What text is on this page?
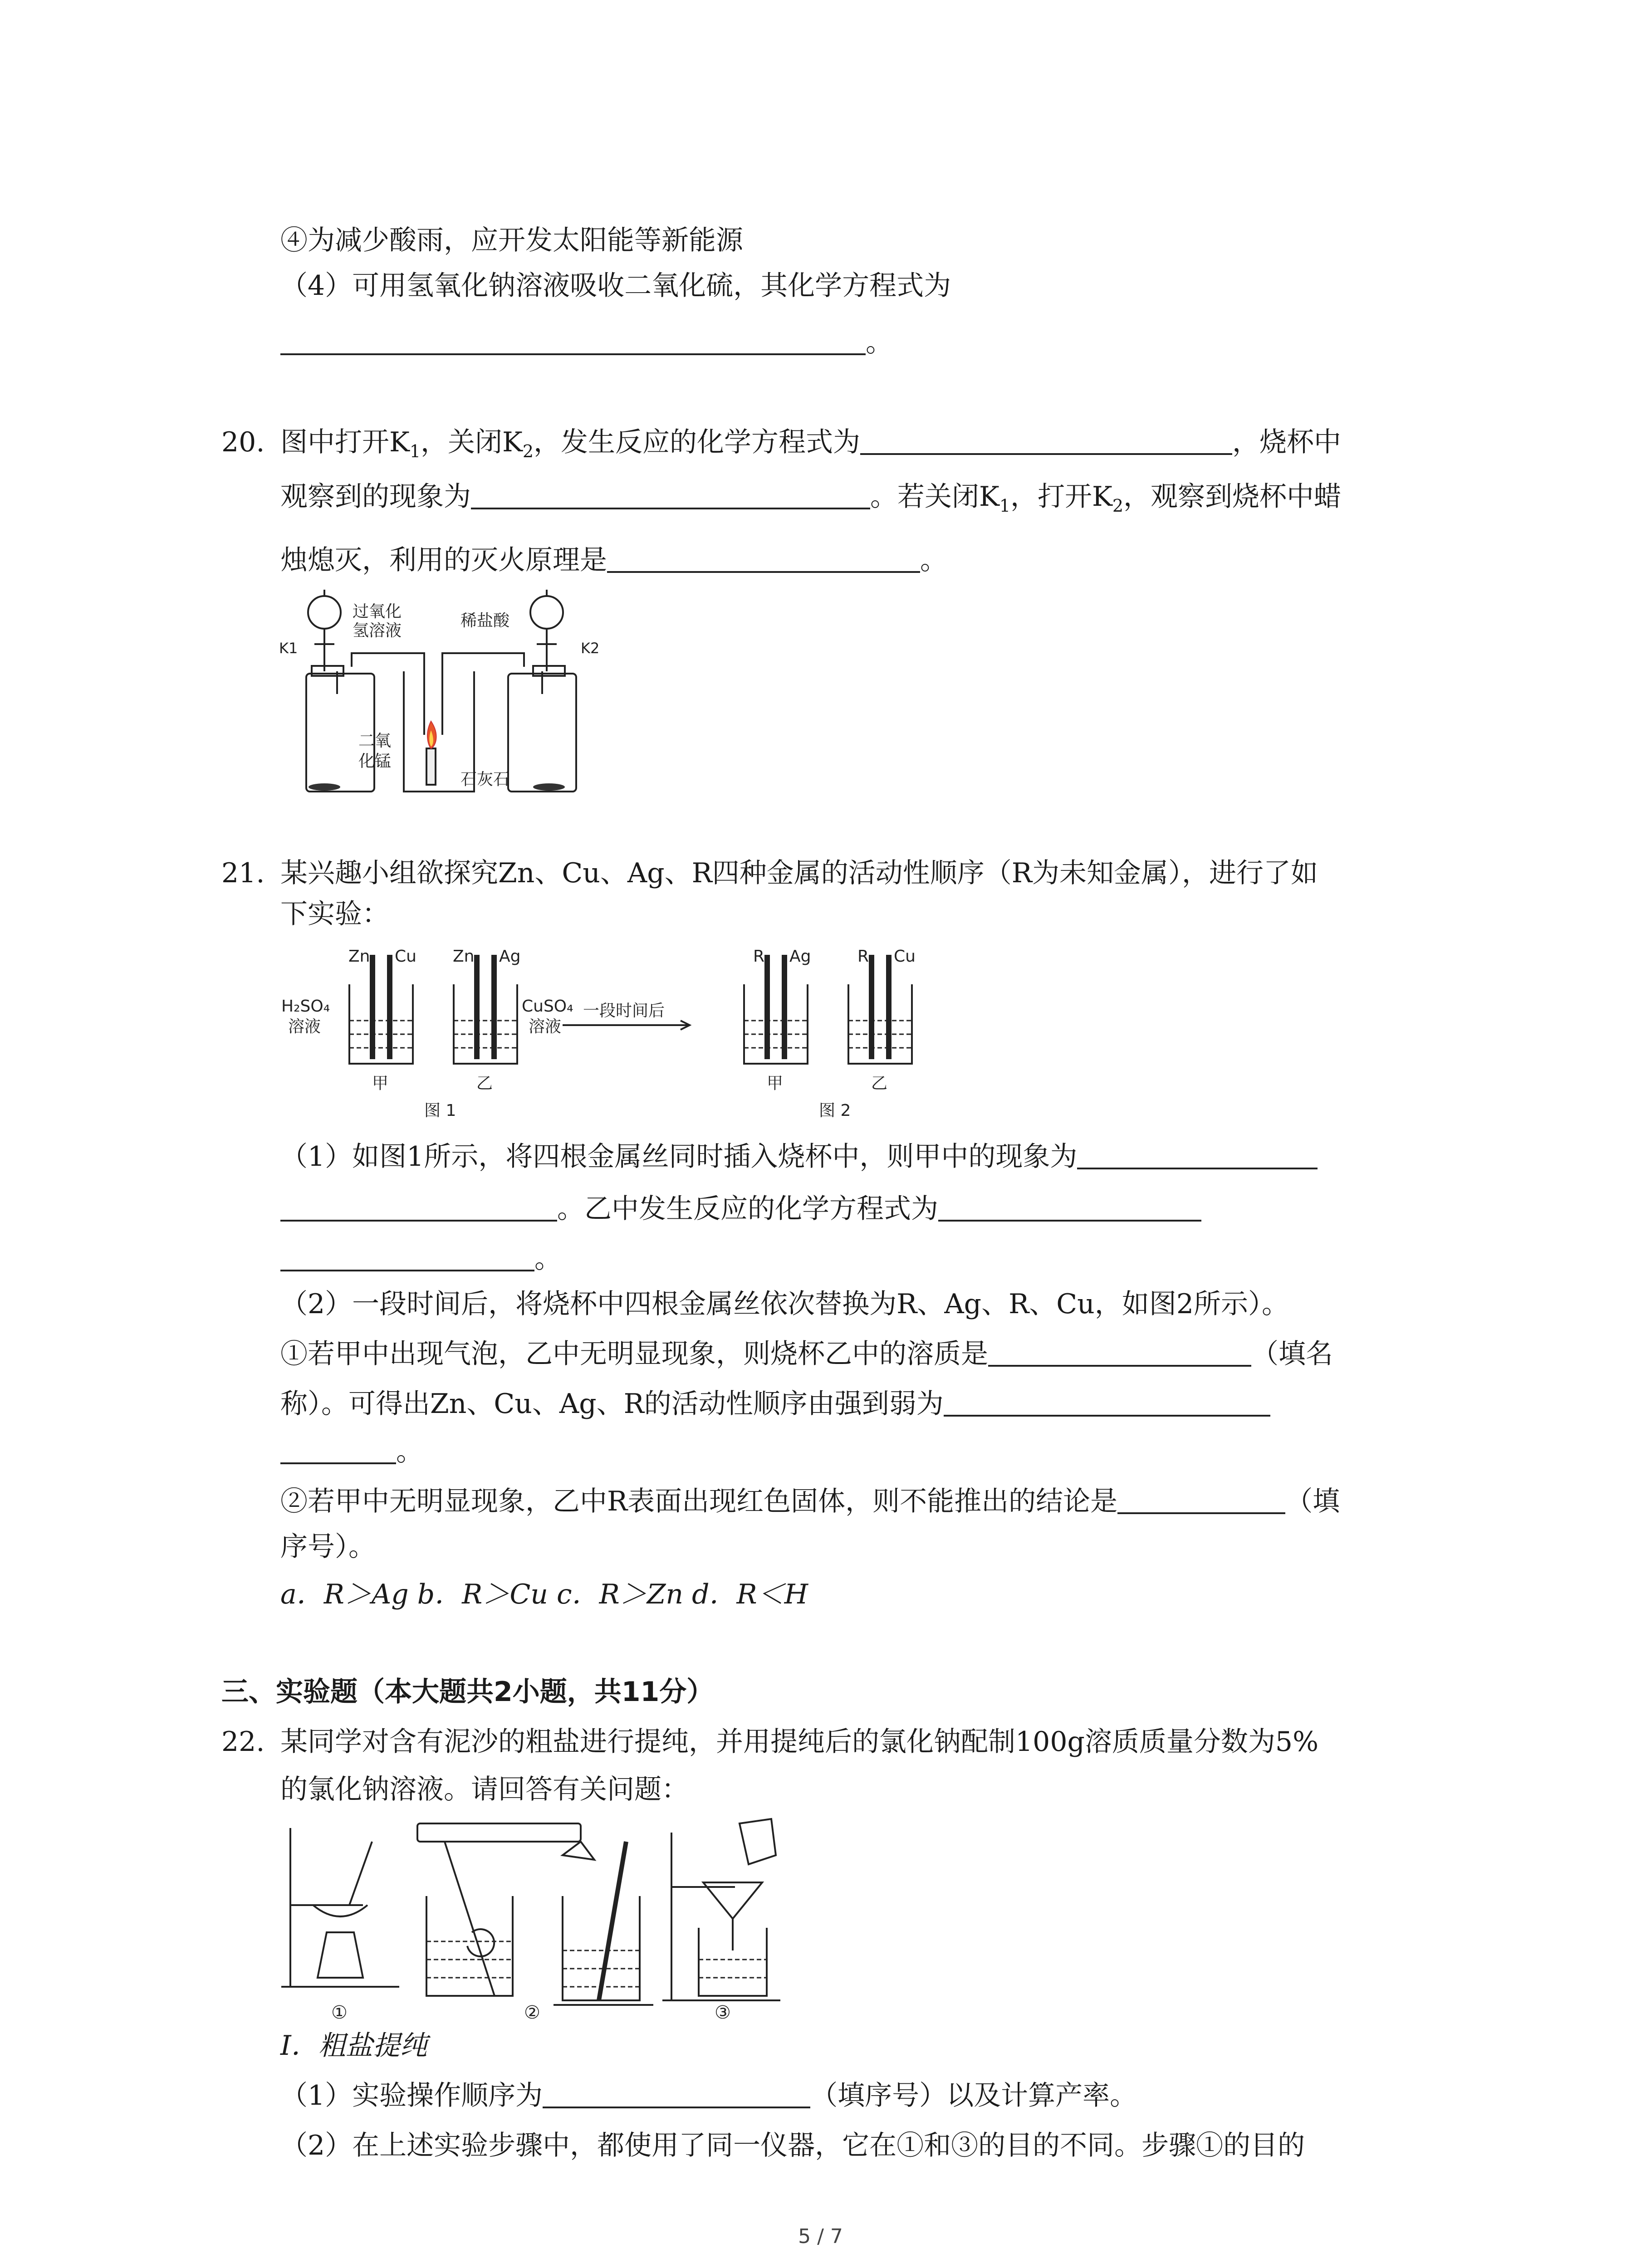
④为减少酸雨，应开发太阳能等新能源
（4）可用氢氧化钠溶液吸收二氧化硫，其化学方程式为
。
20. 图中打开$K_1$，关闭$K_2$，发生反应的化学方程式为	，烧杯中
观察到的现象为	。若关闭$K_1$，打开$K_2$，观察到烧杯中蜡
烛熄灭，利用的灭火原理是	。
过氧化
氢溶液
稀盐酸
K1	K2
二氧
化锰
石灰石
21. 某兴趣小组欲探究Zn、Cu、Ag、R四种金属的活动性顺序（R为未知金属），进行了如
下实验：
Zn Cu Zn Ag
H₂SO₄
溶液
CuSO₄
溶液
一段时间后
R Ag	R Cu
甲	乙	甲	乙
图 1	图 2
（1）如图1所示，将四根金属丝同时插入烧杯中，则甲中的现象为
。乙中发生反应的化学方程式为
。
（2）一段时间后，将烧杯中四根金属丝依次替换为R、Ag、R、Cu，如图2所示）。
①若甲中出现气泡，乙中无明显现象，则烧杯乙中的溶质是	（填名
称）。可得出Zn、Cu、Ag、R的活动性顺序由强到弱为
。
②若甲中无明显现象，乙中R表面出现红色固体，则不能推出的结论是	（填
序号）。
a．R＞Ag b．R＞Cu c．R＞Zn d．R＜H
三、实验题（本大题共2小题，共11分）
22. 某同学对含有泥沙的粗盐进行提纯，并用提纯后的氯化钠配制100g溶质质量分数为5%
的氯化钠溶液。请回答有关问题：
①	②	③
I．粗盐提纯
（1）实验操作顺序为	（填序号）以及计算产率。
（2）在上述实验步骤中，都使用了同一仪器，它在①和③的目的不同。步骤①的目的
5 / 7
